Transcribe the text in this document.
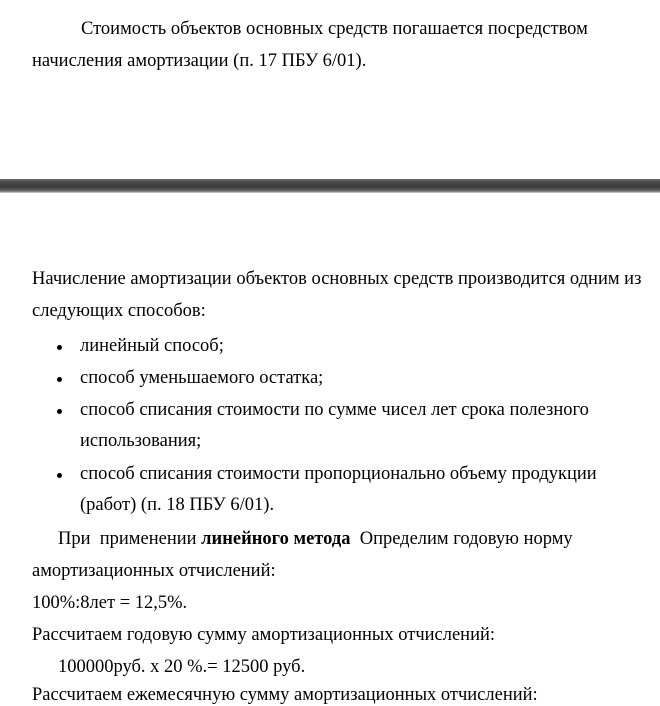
Стоимость объектов основных средств погашается посредством
начисления амортизации (п. 17 ПБУ 6/01).
Начисление амортизации объектов основных средств производится одним из
следующих способов:
линейный способ;
способ уменьшаемого остатка;
способ списания стоимости по сумме чисел лет срока полезного
использования;
способ списания стоимости пропорционально объему продукции
(работ) (п. 18 ПБУ 6/01).
При  применении линейного метода  Определим годовую норму
амортизационных отчислений:
100%:8лет = 12,5%.
Рассчитаем годовую сумму амортизационных отчислений:
100000руб. х 20 %.= 12500 руб.
Рассчитаем ежемесячную сумму амортизационных отчислений:
